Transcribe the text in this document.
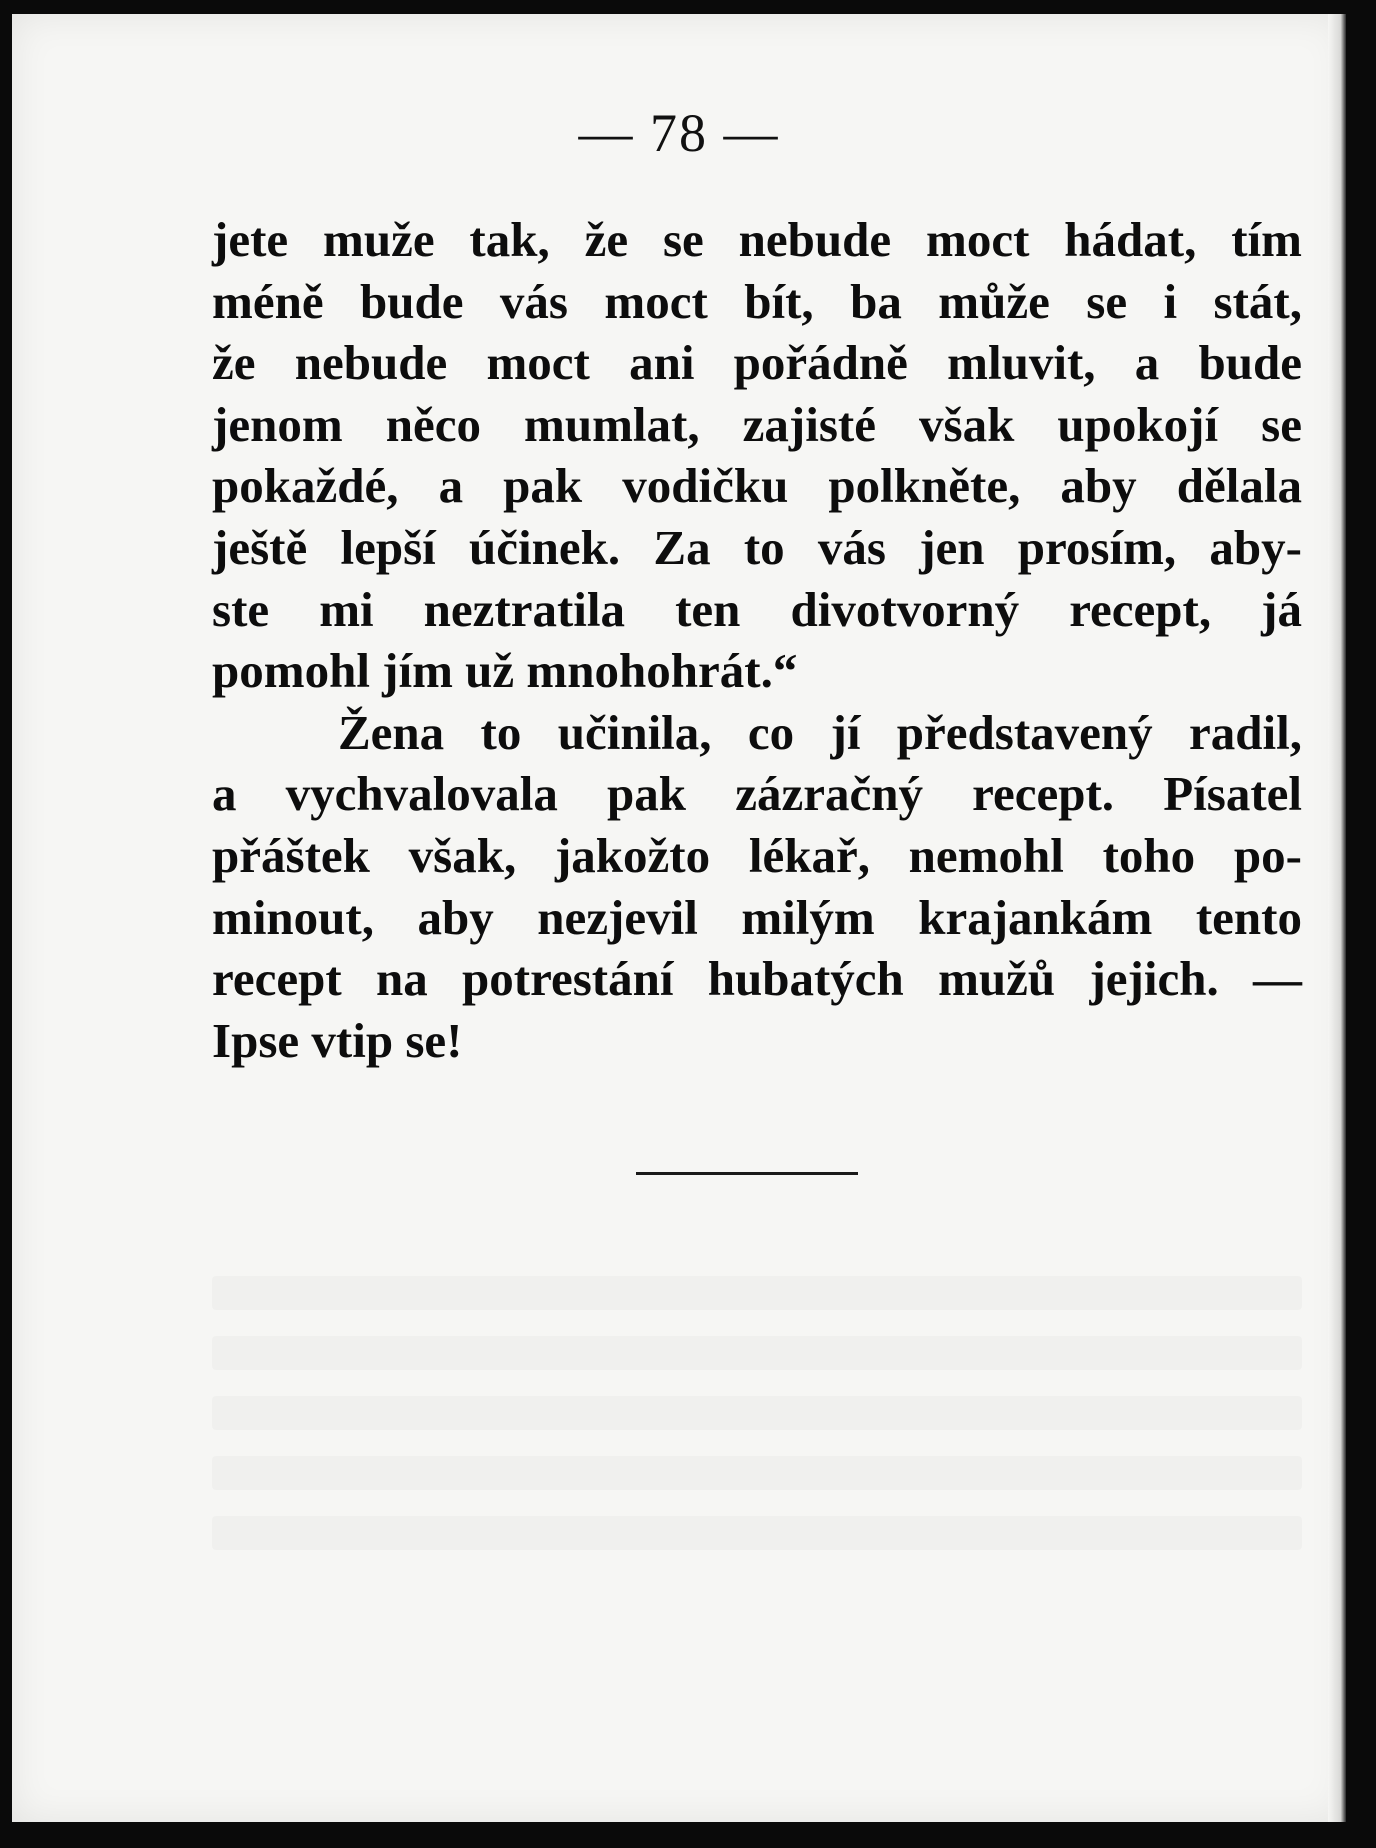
— 78 —
jete muže tak, že se nebude moct hádat, tím
méně bude vás moct bít, ba může se i stát,
že nebude moct ani pořádně mluvit, a bude
jenom něco mumlat, zajisté však upokojí se
pokaždé, a pak vodičku polkněte, aby dělala
ještě lepší účinek. Za to vás jen prosím, aby-
ste mi neztratila ten divotvorný recept, já
pomohl jím už mnohohrát.“
Žena to učinila, co jí představený radil,
a vychvalovala pak zázračný recept. Písatel
přáštek však, jakožto lékař, nemohl toho po-
minout, aby nezjevil milým krajankám tento
recept na potrestání hubatých mužů jejich. —
Ipse vtip se!
